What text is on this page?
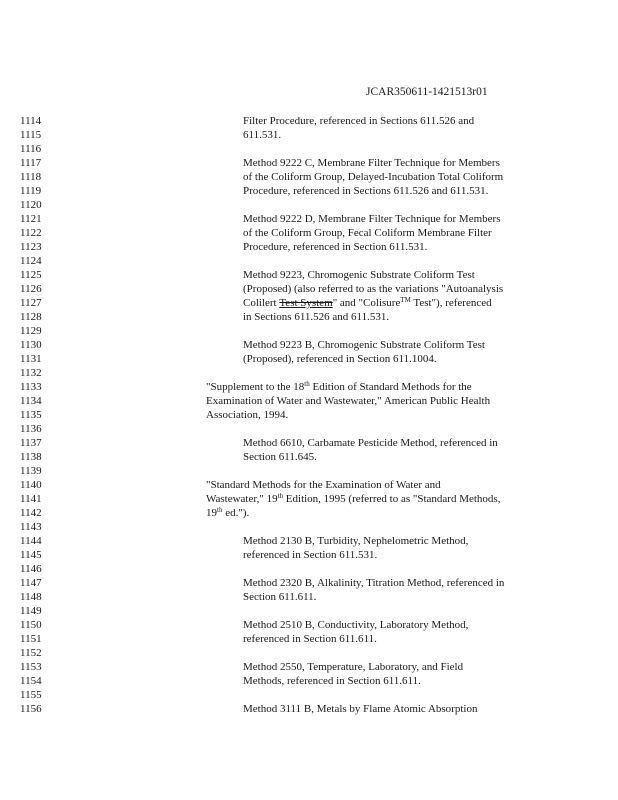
JCAR350611-1421513r01
1114
1115
1116
1117
1118
1119
1120
1121
1122
1123
1124
1125
1126
1127
1128
1129
1130
1131
1132
1133
1134
1135
1136
1137
1138
1139
1140
1141
1142
1143
1144
1145
1146
1147
1148
1149
1150
1151
1152
1153
1154
1155
1156
Filter Procedure, referenced in Sections 611.526 and
611.531.
Method 9222 C, Membrane Filter Technique for Members
of the Coliform Group, Delayed-Incubation Total Coliform
Procedure, referenced in Sections 611.526 and 611.531.
Method 9222 D, Membrane Filter Technique for Members
of the Coliform Group, Fecal Coliform Membrane Filter
Procedure, referenced in Section 611.531.
Method 9223, Chromogenic Substrate Coliform Test
(Proposed) (also referred to as the variations "Autoanalysis
Colilert Test System" and "Colisure™ Test"), referenced
in Sections 611.526 and 611.531.
Method 9223 B, Chromogenic Substrate Coliform Test
(Proposed), referenced in Section 611.1004.
"Supplement to the 18th Edition of Standard Methods for the
Examination of Water and Wastewater," American Public Health
Association, 1994.
Method 6610, Carbamate Pesticide Method, referenced in
Section 611.645.
"Standard Methods for the Examination of Water and
Wastewater," 19th Edition, 1995 (referred to as "Standard Methods,
19th ed.").
Method 2130 B, Turbidity, Nephelometric Method,
referenced in Section 611.531.
Method 2320 B, Alkalinity, Titration Method, referenced in
Section 611.611.
Method 2510 B, Conductivity, Laboratory Method,
referenced in Section 611.611.
Method 2550, Temperature, Laboratory, and Field
Methods, referenced in Section 611.611.
Method 3111 B, Metals by Flame Atomic Absorption
